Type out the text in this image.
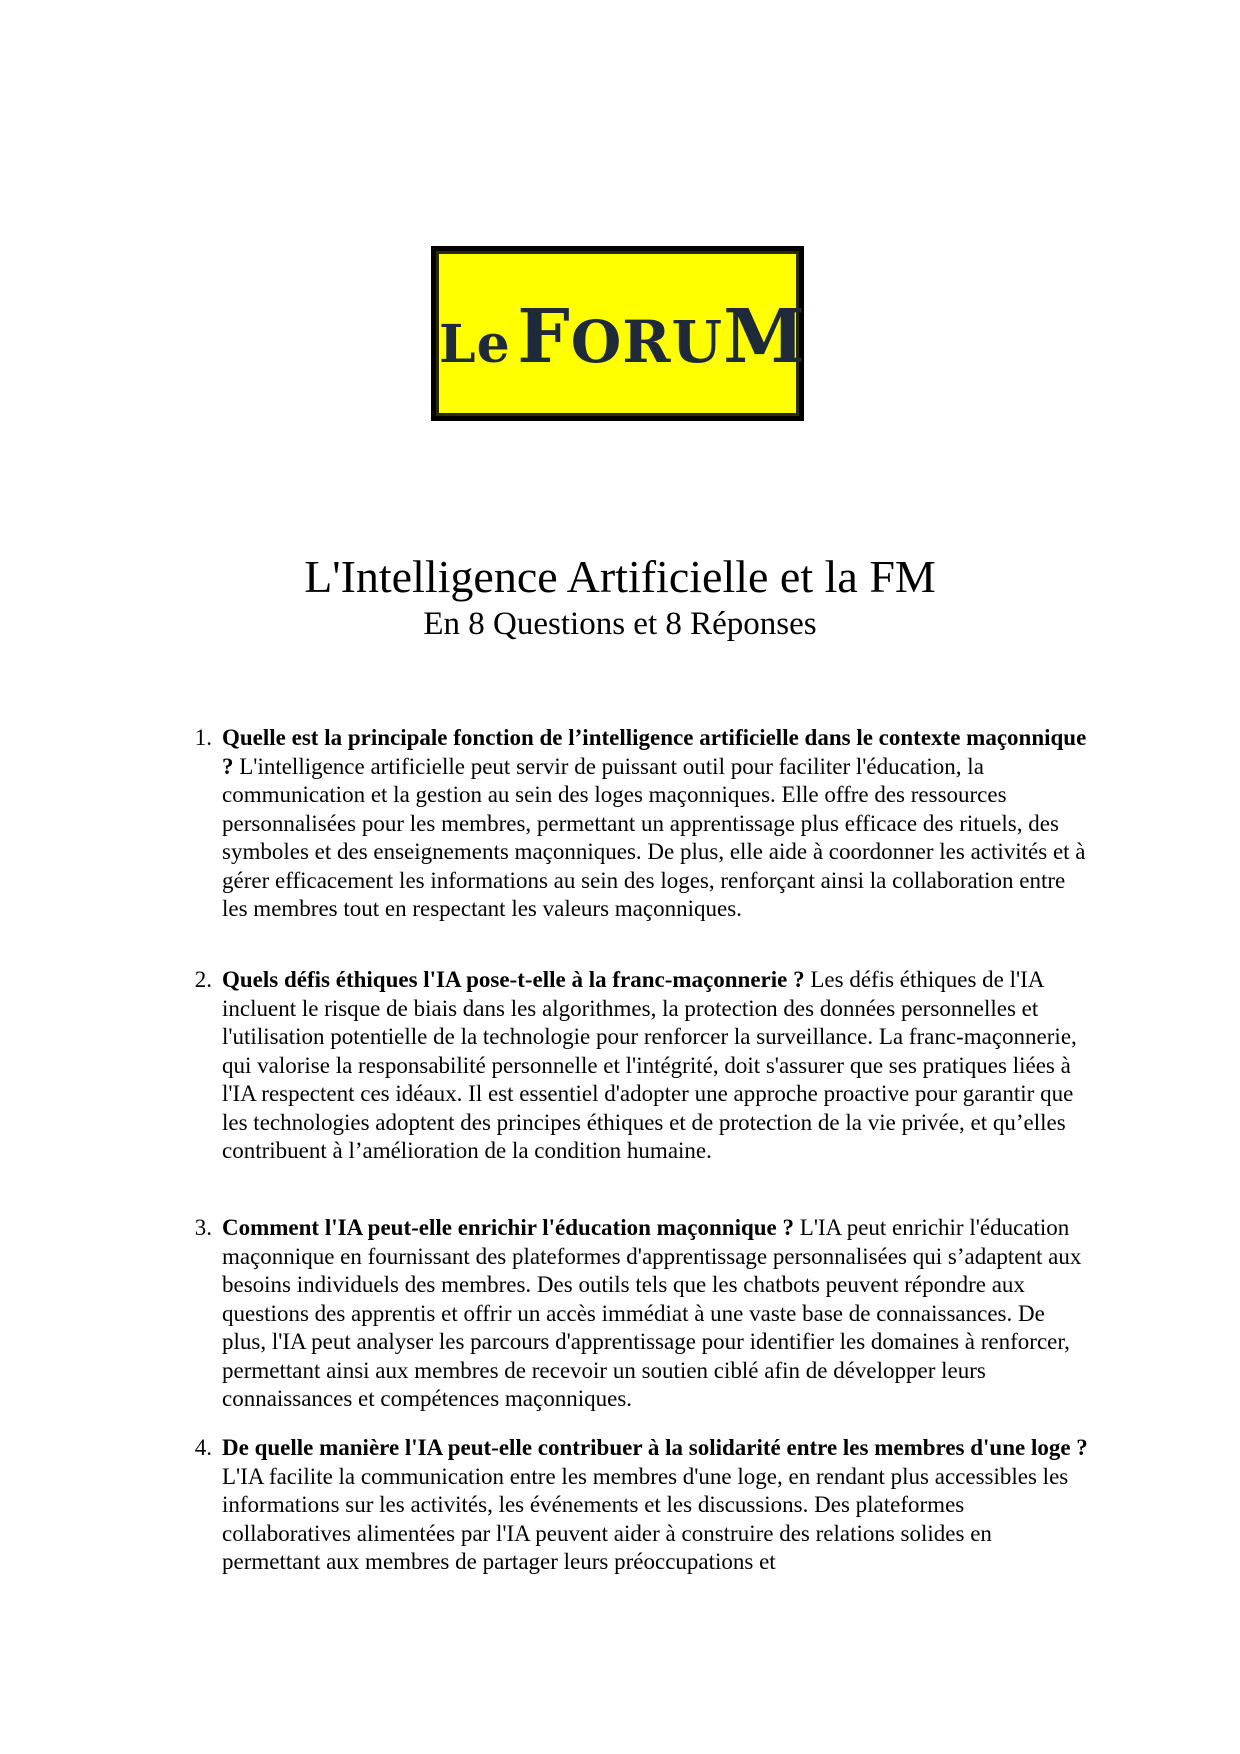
Le FORUM
L'Intelligence Artificielle et la FM
En 8 Questions et 8 Réponses
1. Quelle est la principale fonction de l’intelligence artificielle dans le contexte maçonnique ? L'intelligence artificielle peut servir de puissant outil pour faciliter l'éducation, la communication et la gestion au sein des loges maçonniques. Elle offre des ressources personnalisées pour les membres, permettant un apprentissage plus efficace des rituels, des symboles et des enseignements maçonniques. De plus, elle aide à coordonner les activités et à gérer efficacement les informations au sein des loges, renforçant ainsi la collaboration entre les membres tout en respectant les valeurs maçonniques.
2. Quels défis éthiques l'IA pose-t-elle à la franc-maçonnerie ? Les défis éthiques de l'IA incluent le risque de biais dans les algorithmes, la protection des données personnelles et l'utilisation potentielle de la technologie pour renforcer la surveillance. La franc-maçonnerie, qui valorise la responsabilité personnelle et l'intégrité, doit s'assurer que ses pratiques liées à l'IA respectent ces idéaux. Il est essentiel d'adopter une approche proactive pour garantir que les technologies adoptent des principes éthiques et de protection de la vie privée, et qu’elles contribuent à l’amélioration de la condition humaine.
3. Comment l'IA peut-elle enrichir l'éducation maçonnique ? L'IA peut enrichir l'éducation maçonnique en fournissant des plateformes d'apprentissage personnalisées qui s’adaptent aux besoins individuels des membres. Des outils tels que les chatbots peuvent répondre aux questions des apprentis et offrir un accès immédiat à une vaste base de connaissances. De plus, l'IA peut analyser les parcours d'apprentissage pour identifier les domaines à renforcer, permettant ainsi aux membres de recevoir un soutien ciblé afin de développer leurs connaissances et compétences maçonniques.
4. De quelle manière l'IA peut-elle contribuer à la solidarité entre les membres d'une loge ? L'IA facilite la communication entre les membres d'une loge, en rendant plus accessibles les informations sur les activités, les événements et les discussions. Des plateformes collaboratives alimentées par l'IA peuvent aider à construire des relations solides en permettant aux membres de partager leurs préoccupations et
